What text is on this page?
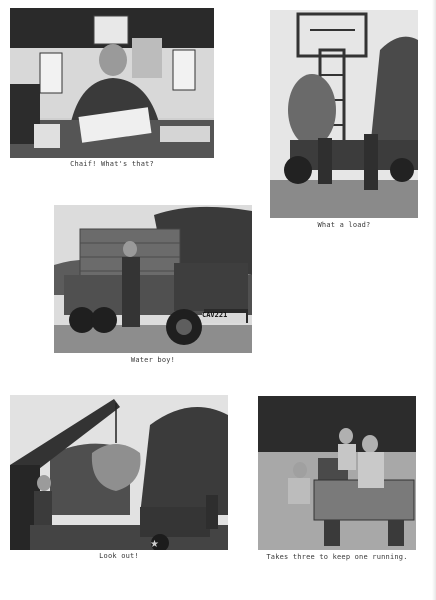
Chaif! What's that?
What a load?
CAV221
Water boy!
★
Look out!	Takes three to keep one running.
